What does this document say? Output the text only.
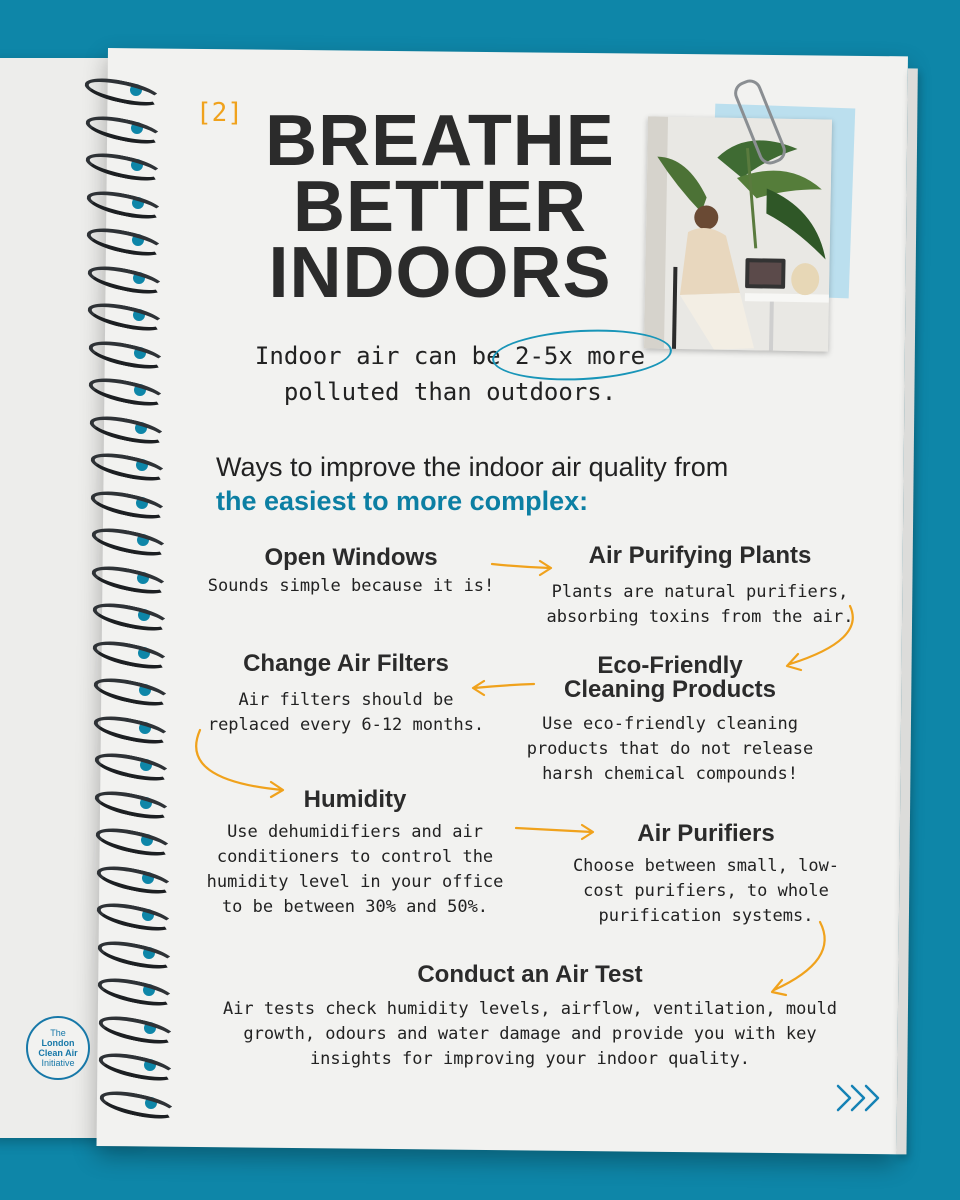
[2] BREATHE
BETTER
INDOORS
Indoor air can be 2-5x more
polluted than outdoors.
Ways to improve the indoor air quality from
the easiest to more complex:
Open Windows

Sounds simple because it is!

Air Purifying Plants

Plants are natural purifiers,
absorbing toxins from the air.

Change Air Filters

Air filters should be
replaced every 6-12 months.

Eco-Friendly
Cleaning Products

Use eco-friendly cleaning
products that do not release
harsh chemical compounds!

Humidity

Use dehumidifiers and air
conditioners to control the
humidity level in your office
to be between 30% and 50%.

Air Purifiers

Choose between small, low-
cost purifiers, to whole
purification systems.

Conduct an Air Test

Air tests check humidity levels, airflow, ventilation, mould
growth, odours and water damage and provide you with key
insights for improving your indoor quality.

The
London
Clean Air
Initiative
